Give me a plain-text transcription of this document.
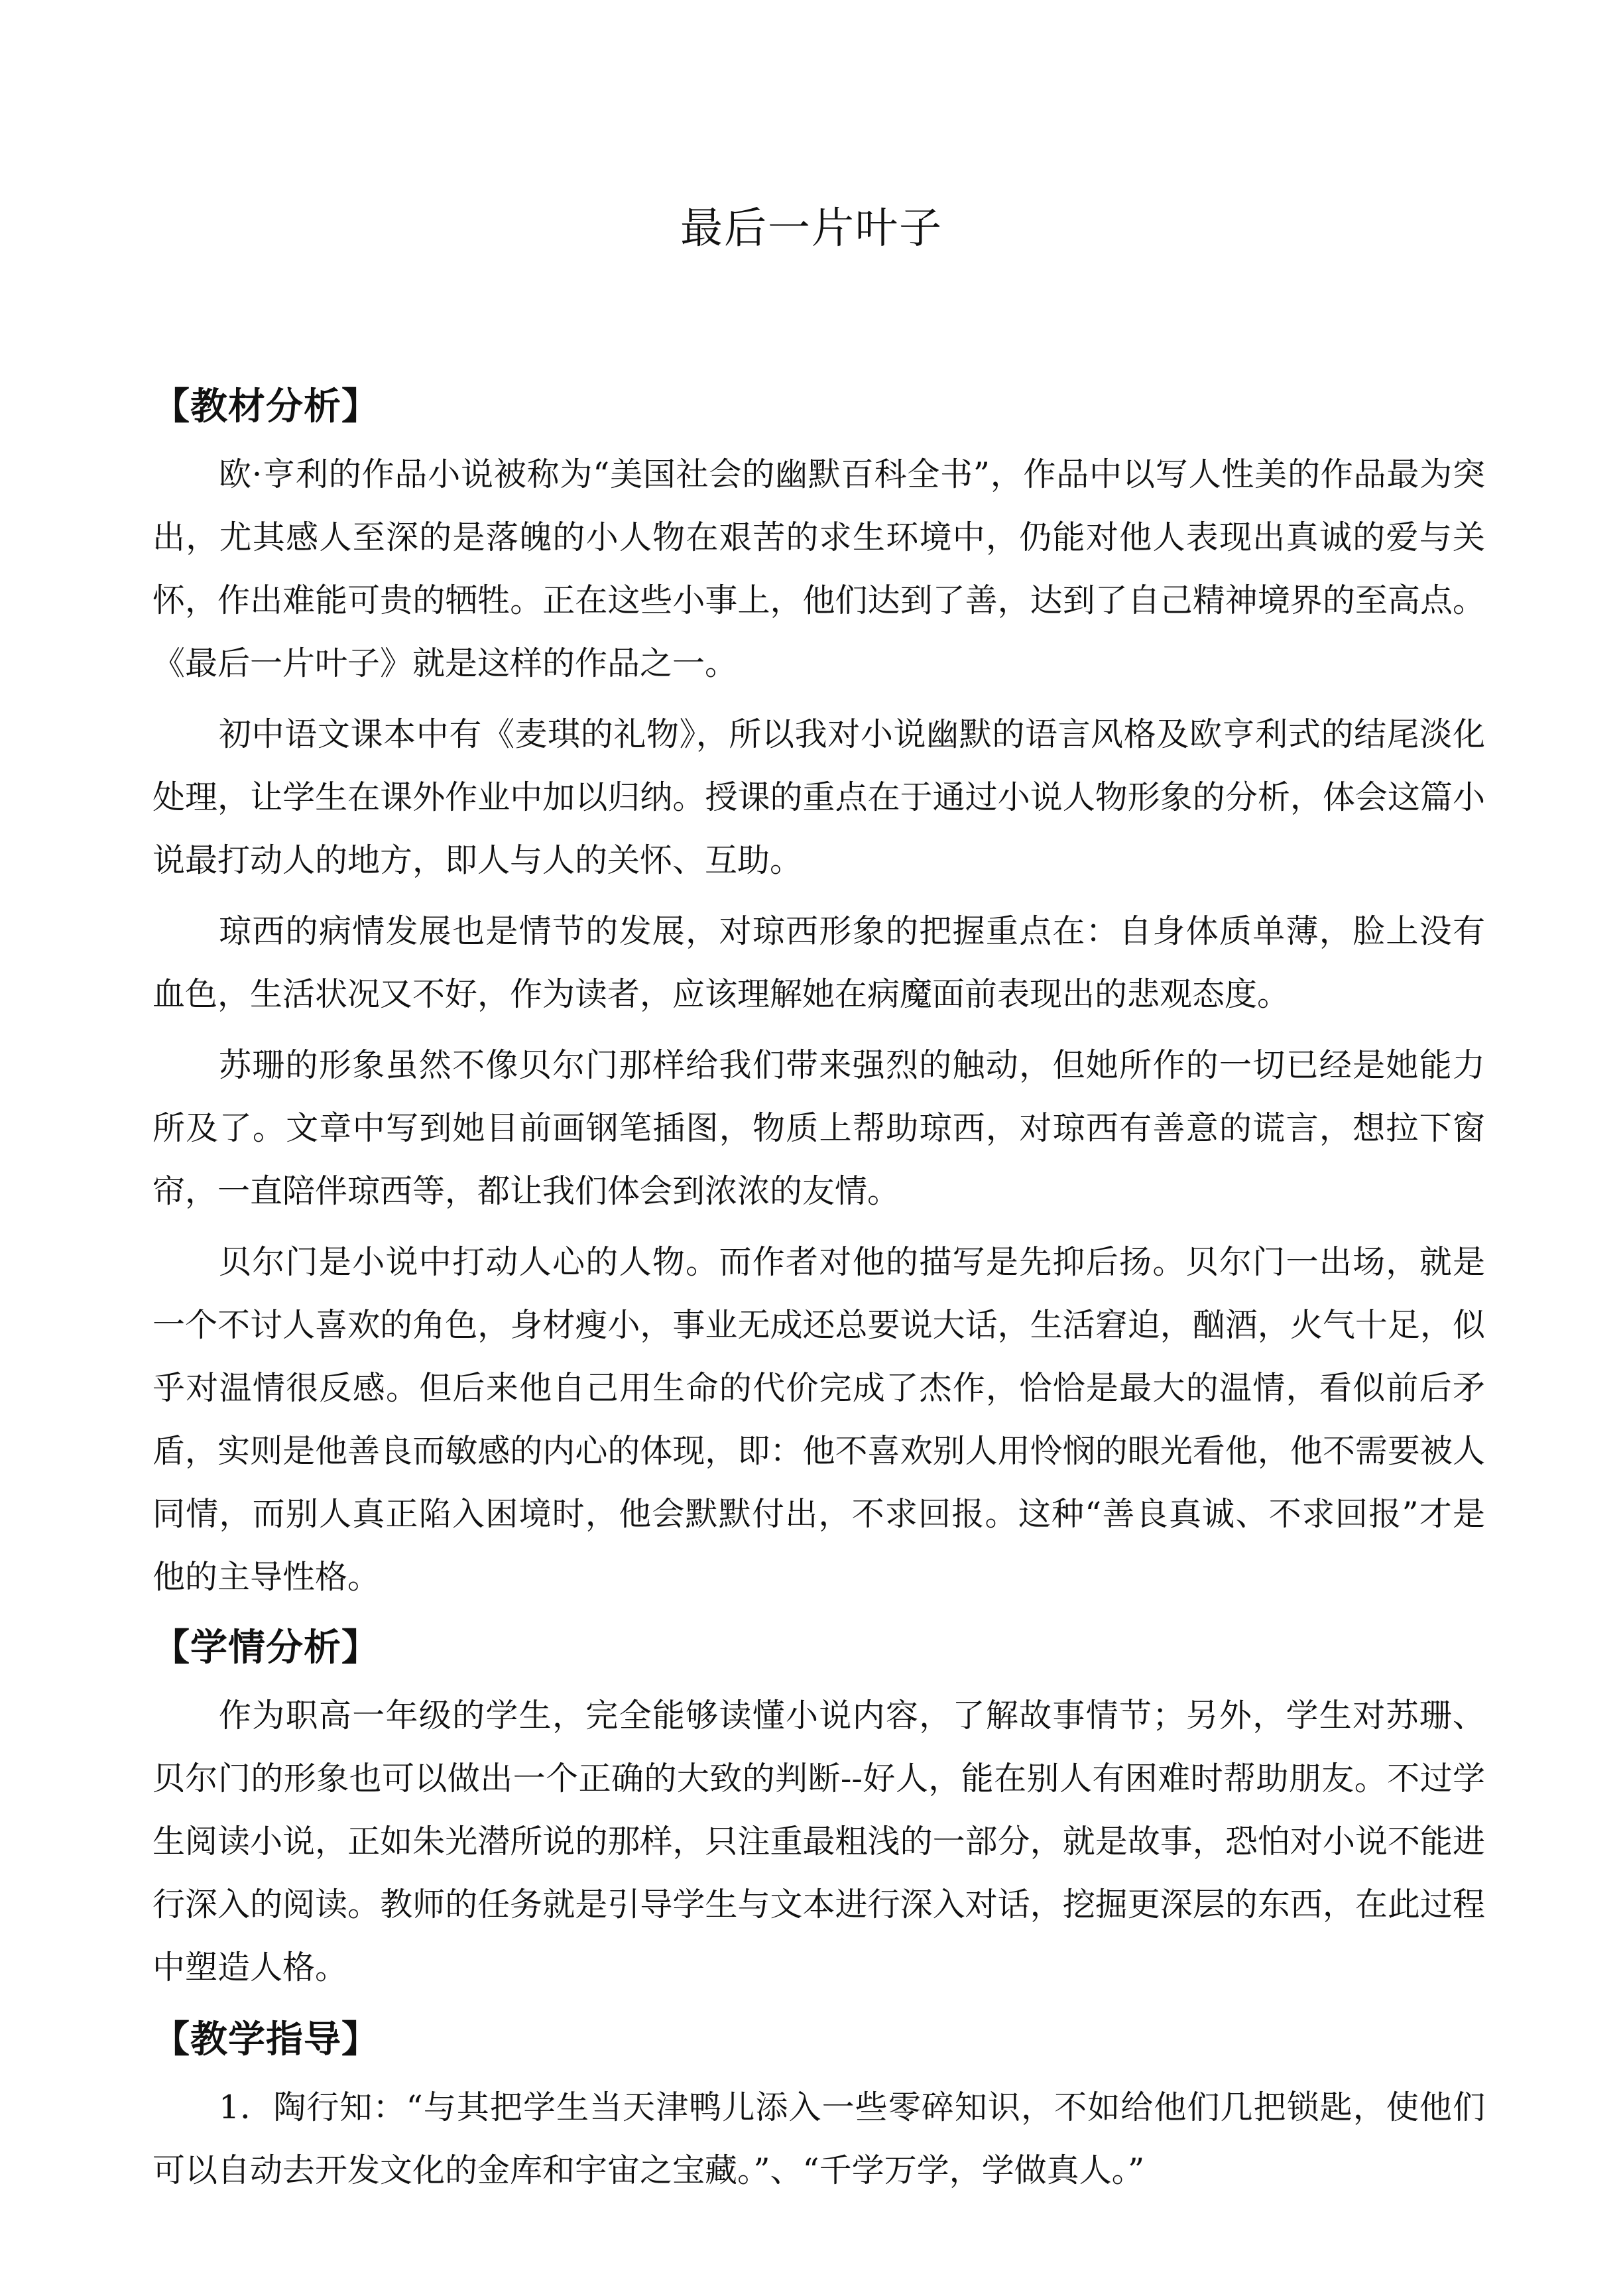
最后一片叶子
【教材分析】

欧·亨利的作品小说被称为“美国社会的幽默百科全书”，作品中以写人性美的作品最为突出，尤其感人至深的是落魄的小人物在艰苦的求生环境中，仍能对他人表现出真诚的爱与关怀，作出难能可贵的牺牲。正在这些小事上，他们达到了善，达到了自己精神境界的至高点。《最后一片叶子》就是这样的作品之一。

初中语文课本中有《麦琪的礼物》，所以我对小说幽默的语言风格及欧亨利式的结尾淡化处理，让学生在课外作业中加以归纳。授课的重点在于通过小说人物形象的分析，体会这篇小说最打动人的地方，即人与人的关怀、互助。

琼西的病情发展也是情节的发展，对琼西形象的把握重点在：自身体质单薄，脸上没有血色，生活状况又不好，作为读者，应该理解她在病魔面前表现出的悲观态度。

苏珊的形象虽然不像贝尔门那样给我们带来强烈的触动，但她所作的一切已经是她能力所及了。文章中写到她目前画钢笔插图，物质上帮助琼西，对琼西有善意的谎言，想拉下窗帘，一直陪伴琼西等，都让我们体会到浓浓的友情。

贝尔门是小说中打动人心的人物。而作者对他的描写是先抑后扬。贝尔门一出场，就是一个不讨人喜欢的角色，身材瘦小，事业无成还总要说大话，生活窘迫，酗酒，火气十足，似乎对温情很反感。但后来他自己用生命的代价完成了杰作，恰恰是最大的温情，看似前后矛盾，实则是他善良而敏感的内心的体现，即：他不喜欢别人用怜悯的眼光看他，他不需要被人同情，而别人真正陷入困境时，他会默默付出，不求回报。这种“善良真诚、不求回报”才是他的主导性格。

【学情分析】

作为职高一年级的学生，完全能够读懂小说内容，了解故事情节；另外，学生对苏珊、贝尔门的形象也可以做出一个正确的大致的判断--好人，能在别人有困难时帮助朋友。不过学生阅读小说，正如朱光潜所说的那样，只注重最粗浅的一部分，就是故事，恐怕对小说不能进行深入的阅读。教师的任务就是引导学生与文本进行深入对话，挖掘更深层的东西，在此过程中塑造人格。

【教学指导】

1．陶行知：“与其把学生当天津鸭儿添入一些零碎知识，不如给他们几把锁匙，使他们可以自动去开发文化的金库和宇宙之宝藏。”、“千学万学，学做真人。”
